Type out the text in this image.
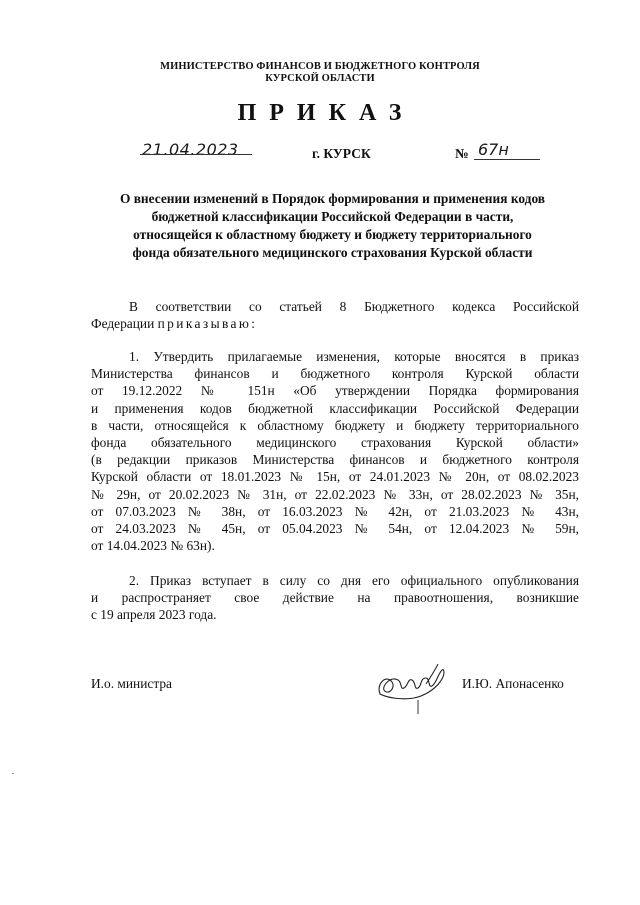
МИНИСТЕРСТВО ФИНАНСОВ И БЮДЖЕТНОГО КОНТРОЛЯ
КУРСКОЙ ОБЛАСТИ
ПРИКАЗ
21.04.2023	г. КУРСК	№ 67н
О внесении изменений в Порядок формирования и применения кодов
бюджетной классификации Российской Федерации в части,
относящейся к областному бюджету и бюджету территориального
фонда обязательного медицинского страхования Курской области
В соответствии со статьей 8 Бюджетного кодекса Российской
Федерации приказываю:
1. Утвердить прилагаемые изменения, которые вносятся в приказ
Министерства финансов и бюджетного контроля Курской области
от 19.12.2022 № 151н «Об утверждении Порядка формирования
и применения кодов бюджетной классификации Российской Федерации
в части, относящейся к областному бюджету и бюджету территориального
фонда обязательного медицинского страхования Курской области»
(в редакции приказов Министерства финансов и бюджетного контроля
Курской области от 18.01.2023 № 15н, от 24.01.2023 № 20н, от 08.02.2023
№ 29н, от 20.02.2023 № 31н, от 22.02.2023 № 33н, от 28.02.2023 № 35н,
от 07.03.2023 № 38н, от 16.03.2023 № 42н, от 21.03.2023 № 43н,
от 24.03.2023 № 45н, от 05.04.2023 № 54н, от 12.04.2023 № 59н,
от 14.04.2023 № 63н).
2. Приказ вступает в силу со дня его официального опубликования
и распространяет свое действие на правоотношения, возникшие
с 19 апреля 2023 года.
И.о. министра	И.Ю. Апонасенко
